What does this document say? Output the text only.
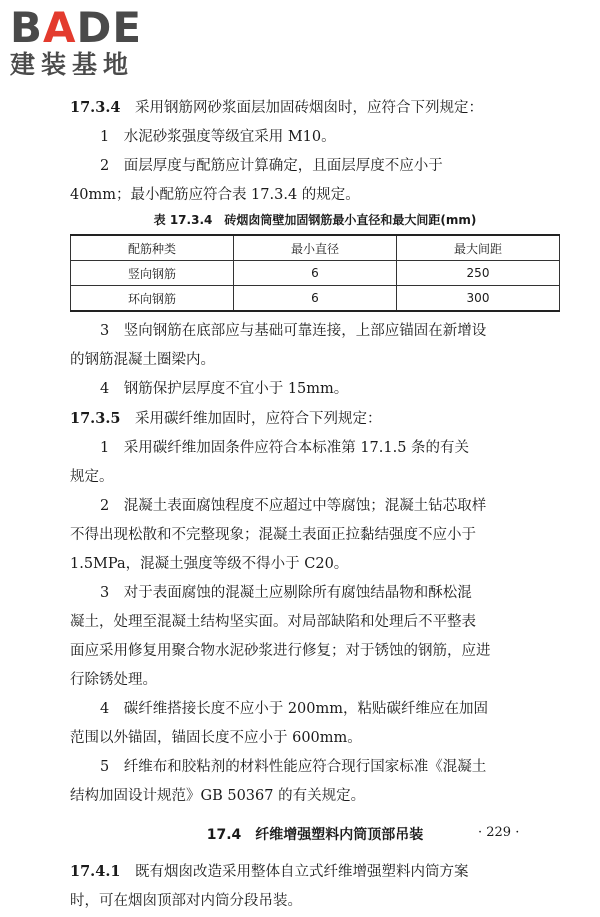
BADE
建装基地

17.3.4　 采用钢筋网砂浆面层加固砖烟囱时，应符合下列规定：

1　水泥砂浆强度等级宜采用 M10。

2　面层厚度与配筋应计算确定，且面层厚度不应小于

40mm；最小配筋应符合表 17.3.4 的规定。

表 17.3.4　砖烟囱筒壁加固钢筋最小直径和最大间距(mm)
配筋种类	最小直径	最大间距
竖向钢筋	6	250
环向钢筋	6	300

3　竖向钢筋在底部应与基础可靠连接，上部应锚固在新增设

的钢筋混凝土圈梁内。

4　钢筋保护层厚度不宜小于 15mm。

17.3.5　 采用碳纤维加固时，应符合下列规定：

1　采用碳纤维加固条件应符合本标准第 17.1.5 条的有关

规定。

2　混凝土表面腐蚀程度不应超过中等腐蚀；混凝土钻芯取样

不得出现松散和不完整现象；混凝土表面正拉黏结强度不应小于

1.5MPa，混凝土强度等级不得小于 C20。

3　对于表面腐蚀的混凝土应剔除所有腐蚀结晶物和酥松混

凝土，处理至混凝土结构坚实面。对局部缺陷和处理后不平整表

面应采用修复用聚合物水泥砂浆进行修复；对于锈蚀的钢筋，应进

行除锈处理。

4　碳纤维搭接长度不应小于 200mm，粘贴碳纤维应在加固

范围以外锚固，锚固长度不应小于 600mm。

5　纤维布和胶粘剂的材料性能应符合现行国家标准《混凝土

结构加固设计规范》GB 50367 的有关规定。

17.4　纤维增强塑料内筒顶部吊装

17.4.1　 既有烟囱改造采用整体自立式纤维增强塑料内筒方案

时，可在烟囱顶部对内筒分段吊装。

· 229 ·
